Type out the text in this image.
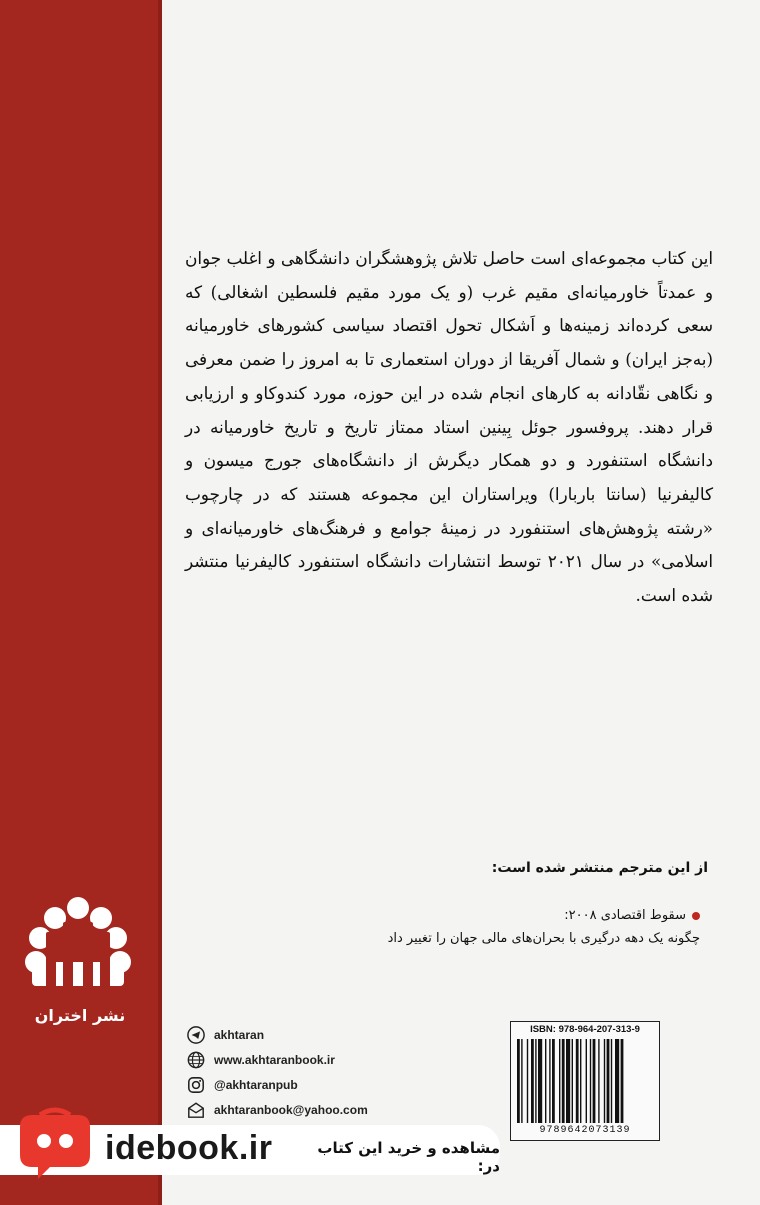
نشر اختران
این کتاب مجموعه‌ای است حاصل تلاش پژوهشگران دانشگاهی و اغلب جوان و عمدتاً خاورمیانه‌ای مقیم غرب (و یک مورد مقیم فلسطین اشغالی) که سعی کرده‌اند زمینه‌ها و اَشکال تحول اقتصاد سیاسی کشورهای خاورمیانه (به‌جز ایران) و شمال آفریقا از دوران استعماری تا به امروز را ضمن معرفی و نگاهی نقّادانه به کارهای انجام شده در این حوزه، مورد کندوکاو و ارزیابی قرار دهند. پروفسور جوئل بِینین استاد ممتاز تاریخ و تاریخ خاورمیانه در دانشگاه استنفورد و دو همکار دیگرش از دانشگاه‌های جورج میسون و کالیفرنیا (سانتا باربارا) ویراستاران این مجموعه هستند که در چارچوب «رشته پژوهش‌های استنفورد در زمینهٔ جوامع و فرهنگ‌های خاورمیانه‌ای و اسلامی» در سال ۲۰۲۱ توسط انتشارات دانشگاه استنفورد کالیفرنیا منتشر شده است.
از این مترجم منتشر شده است:
سقوط اقتصادی ۲۰۰۸:
چگونه یک دهه درگیری با بحران‌های مالی جهان را تغییر داد
akhtaran
www.akhtaranbook.ir
@akhtaranpub
akhtaranbook@yahoo.com
ISBN: 978-964-207-313-9
9789642073139
idebook.ir	مشاهده و خرید این کتاب در:
